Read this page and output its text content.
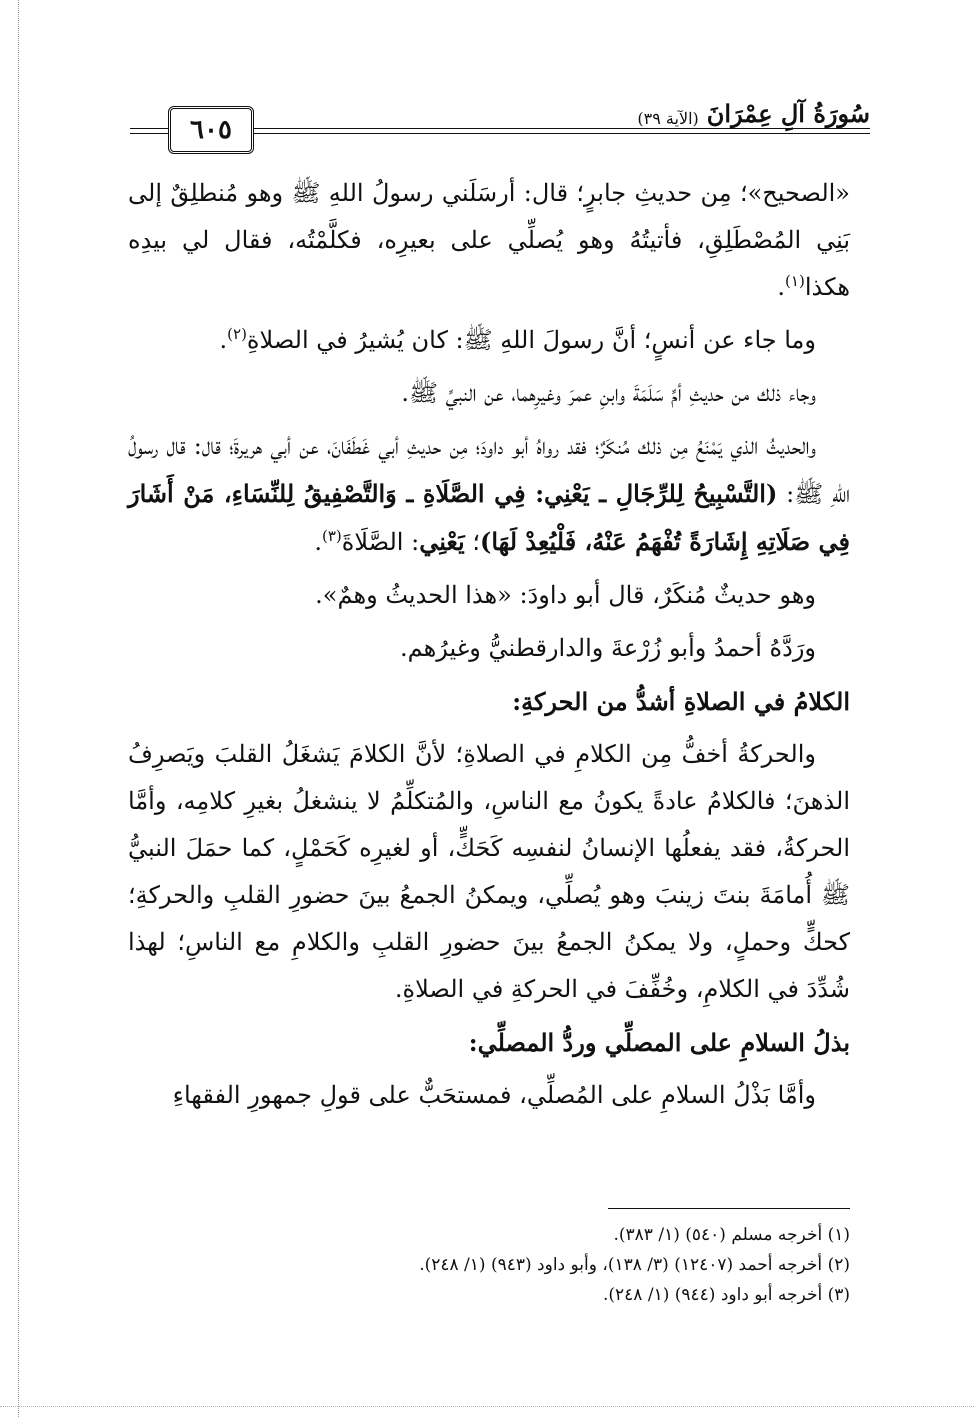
سُورَةُ آلِ عِمْرَانَ
(الآية ٣٩)
٦٠٥

«الصحيح»؛ مِن حديثِ جابرٍ؛ قال: أرسَلَني رسولُ اللهِ ﷺ وهو مُنطلِقٌ إلى بَنِي المُصْطَلِقِ، فأتيتُهُ وهو يُصلِّي على بعيرِه، فكلَّمْتُه، فقال لي بيدِه هكذا$^{(١)}$.

وما جاء عن أنسٍ؛ أنَّ رسولَ اللهِ ﷺ: كان يُشيرُ في الصلاةِ$^{(٢)}$.

وجاء ذلك من حديثِ أمِّ سَلَمَةَ وابنِ عمرَ وغيرِهما، عن النبيِّ ﷺ.

والحديثُ الذي يَمْنَعُ مِن ذلك مُنكَرٌ؛ فقد رواهُ أبو داودَ؛ مِن حديثِ أبي غَطَفَانَ، عن أبي هريرةَ؛ قال: قال رسولُ اللهِ ﷺ: (التَّسْبِيحُ لِلرِّجَالِ ـ يَعْنِي: فِي الصَّلَاةِ ـ وَالتَّصْفِيقُ لِلنِّسَاءِ، مَنْ أَشَارَ فِي صَلَاتِهِ إِشَارَةً تُفْهَمُ عَنْهُ، فَلْيُعِدْ لَهَا)؛ يَعْنِي: الصَّلَاةَ$^{(٣)}$.

وهو حديثٌ مُنكَرٌ، قال أبو داودَ: «هذا الحديثُ وهمٌ».

ورَدَّهُ أحمدُ وأبو زُرْعةَ والدارقطنيُّ وغيرُهم.

الكلامُ في الصلاةِ أشدُّ من الحركةِ:

والحركةُ أخفُّ مِن الكلامِ في الصلاةِ؛ لأنَّ الكلامَ يَشغَلُ القلبَ ويَصرِفُ الذهنَ؛ فالكلامُ عادةً يكونُ مع الناسِ، والمُتكلِّمُ لا ينشغلُ بغيرِ كلامِه، وأمَّا الحركةُ، فقد يفعلُها الإنسانُ لنفسِه كَحَكٍّ، أو لغيرِه كَحَمْلٍ، كما حمَلَ النبيُّ ﷺ أُمامَةَ بنتَ زينبَ وهو يُصلِّي، ويمكنُ الجمعُ بينَ حضورِ القلبِ والحركةِ؛ كحكٍّ وحملٍ، ولا يمكنُ الجمعُ بينَ حضورِ القلبِ والكلامِ مع الناسِ؛ لهذا شُدِّدَ في الكلامِ، وخُفِّفَ في الحركةِ في الصلاةِ.

بذلُ السلامِ على المصلِّي وردُّ المصلِّي:

وأمَّا بَذْلُ السلامِ على المُصلِّي، فمستحَبٌّ على قولِ جمهورِ الفقهاءِ

(١) أخرجه مسلم (٥٤٠) (١/ ٣٨٣).

(٢) أخرجه أحمد (١٢٤٠٧) (٣/ ١٣٨)، وأبو داود (٩٤٣) (١/ ٢٤٨).

(٣) أخرجه أبو داود (٩٤٤) (١/ ٢٤٨).
